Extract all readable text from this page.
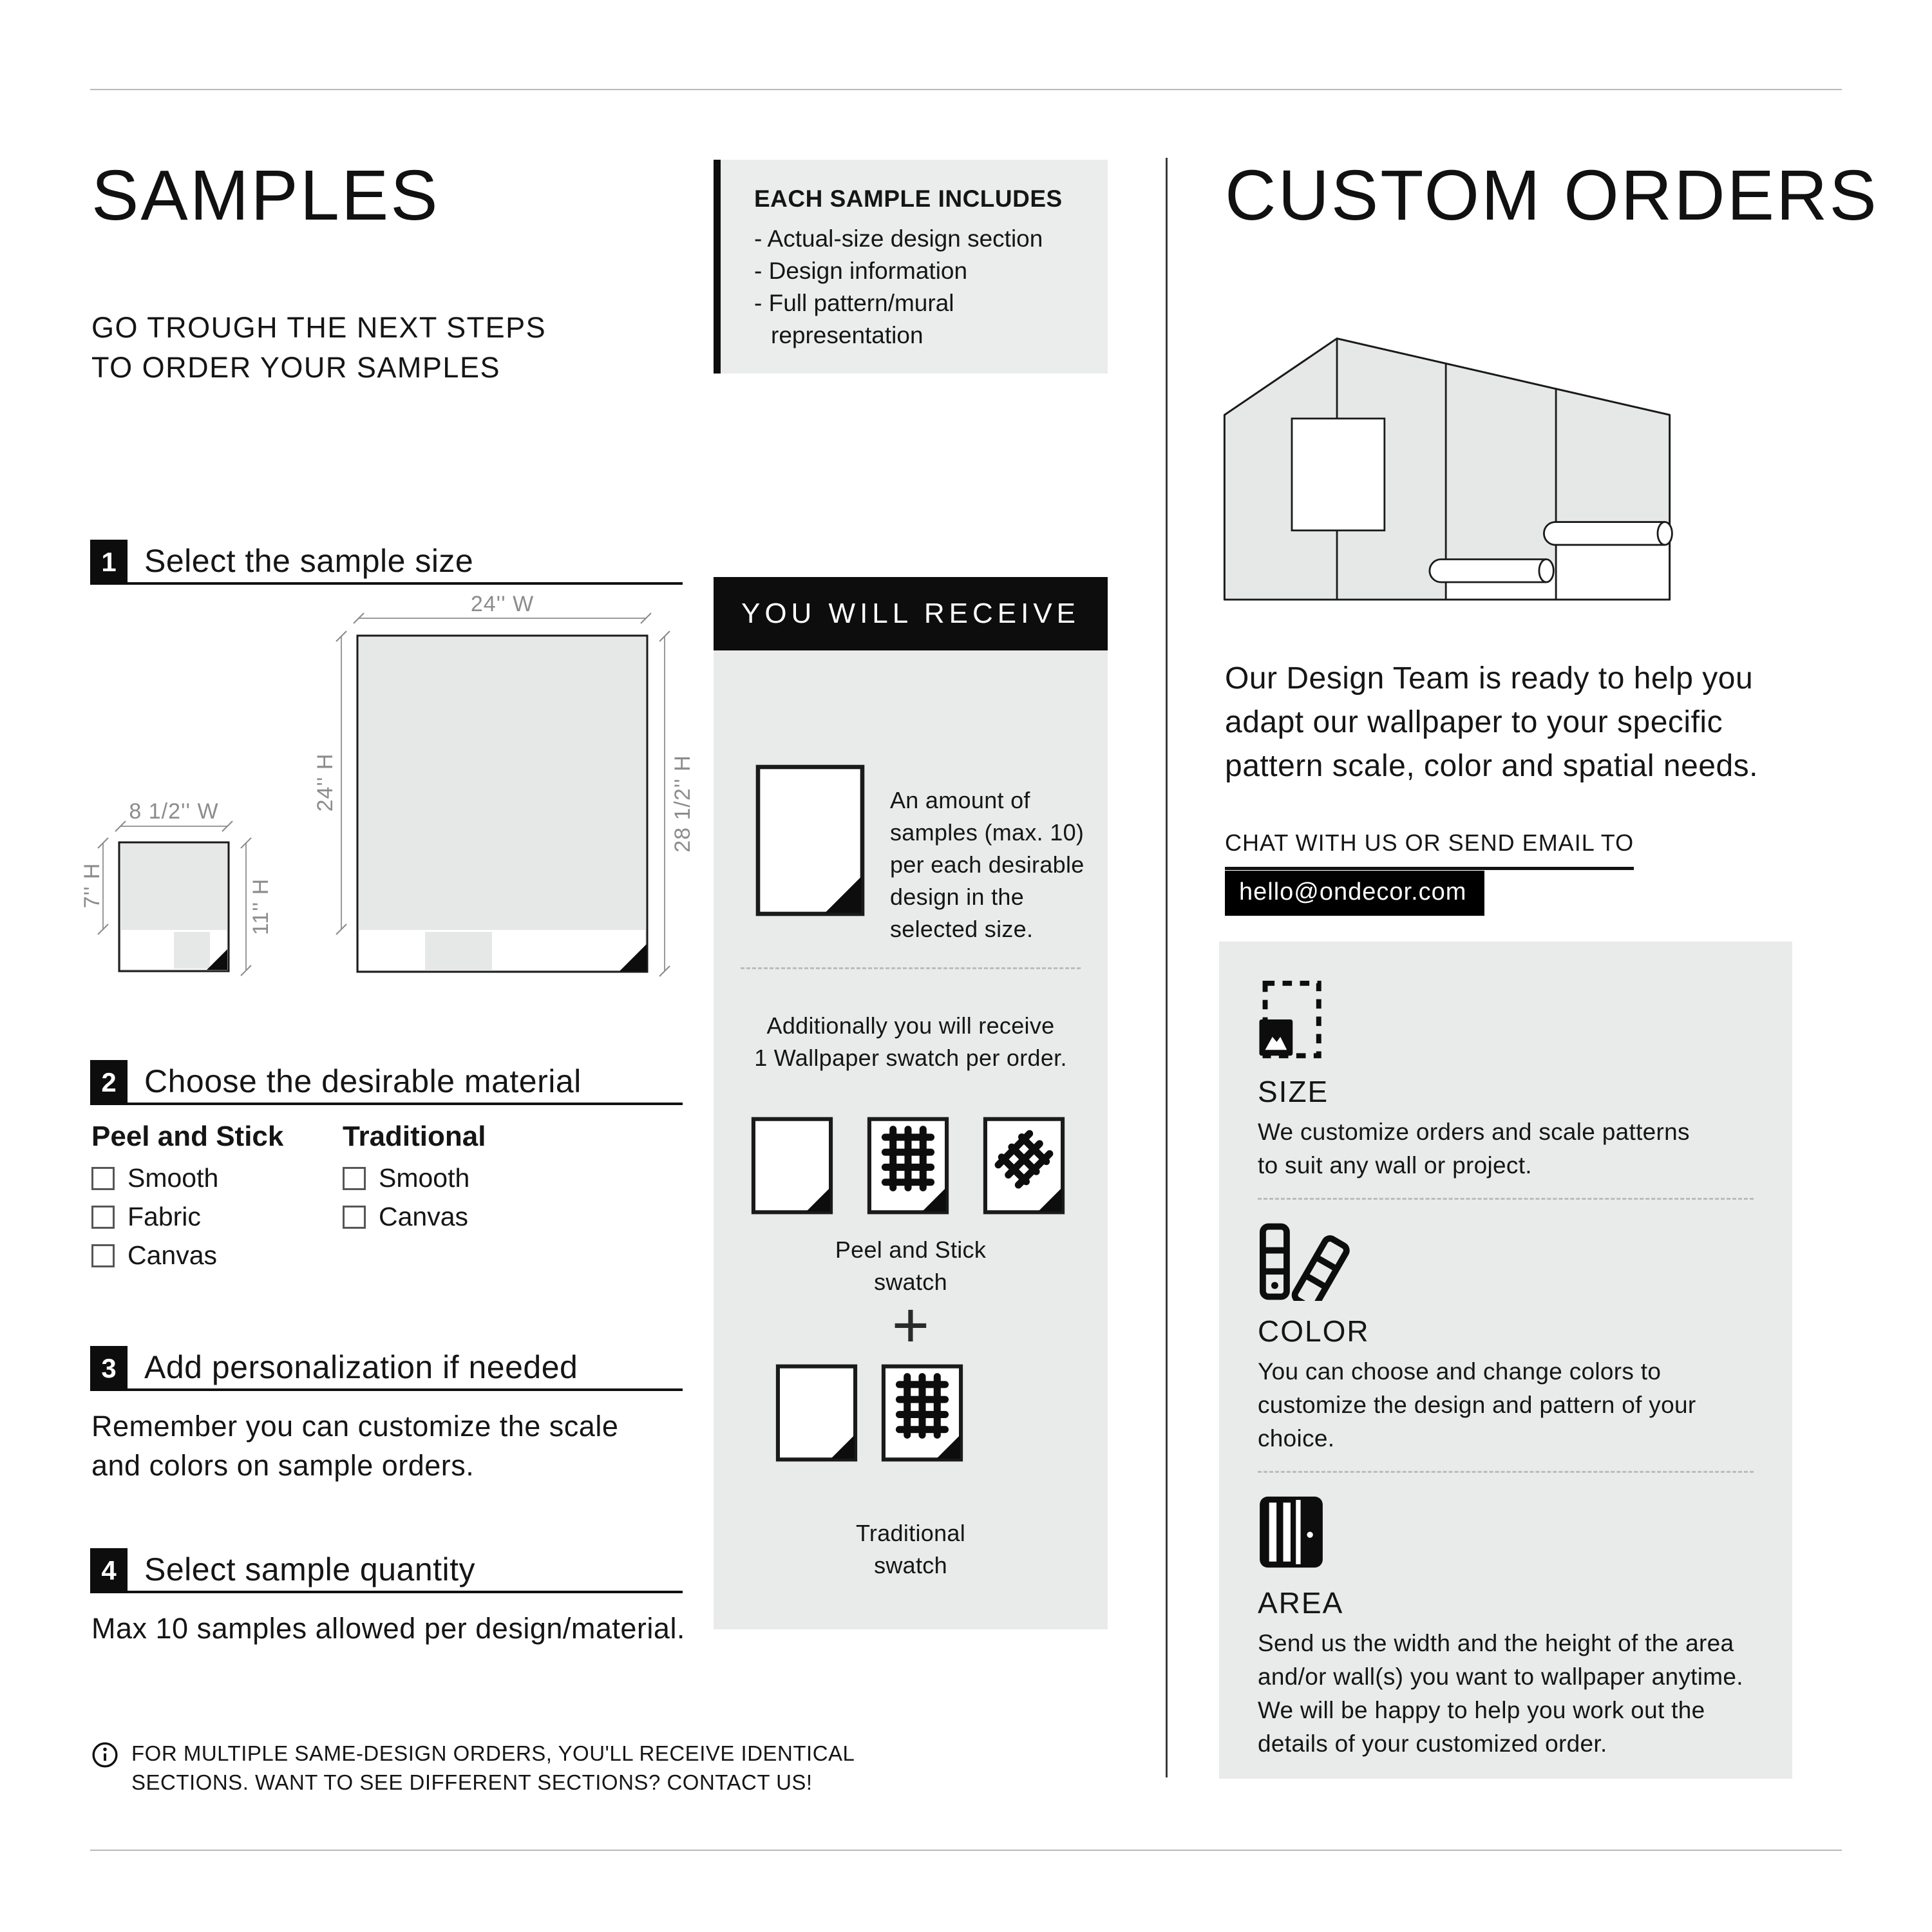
SAMPLES
GO TROUGH THE NEXT STEPS
TO ORDER YOUR SAMPLES
EACH SAMPLE INCLUDES
- Actual-size design section
- Design information
- Full pattern/mural
representation
1 Select the sample size
24'' W
24'' H	28 1/2'' H
8 1/2'' W
7'' H	11'' H
2 Choose the desirable material
Peel and Stick Traditional
Smooth
Fabric
Canvas
Smooth
Canvas
3 Add personalization if needed
Remember you can customize the scale
and colors on sample orders.
4 Select sample quantity
Max 10 samples allowed per design/material.
FOR MULTIPLE SAME-DESIGN ORDERS, YOU'LL RECEIVE IDENTICAL
SECTIONS. WANT TO SEE DIFFERENT SECTIONS? CONTACT US!
YOU WILL RECEIVE
An amount of
samples (max. 10)
per each desirable
design in the
selected size.
Additionally you will receive
1 Wallpaper swatch per order.
Peel and Stick
swatch
+
Traditional
swatch
CUSTOM ORDERS
Our Design Team is ready to help you
adapt our wallpaper to your specific
pattern scale, color and spatial needs.
CHAT WITH US OR SEND EMAIL TO
hello@ondecor.com
SIZE
We customize orders and scale patterns
to suit any wall or project.
COLOR
You can choose and change colors to
customize the design and pattern of your
choice.
AREA
Send us the width and the height of the area
and/or wall(s) you want to wallpaper anytime.
We will be happy to help you work out the
details of your customized order.
